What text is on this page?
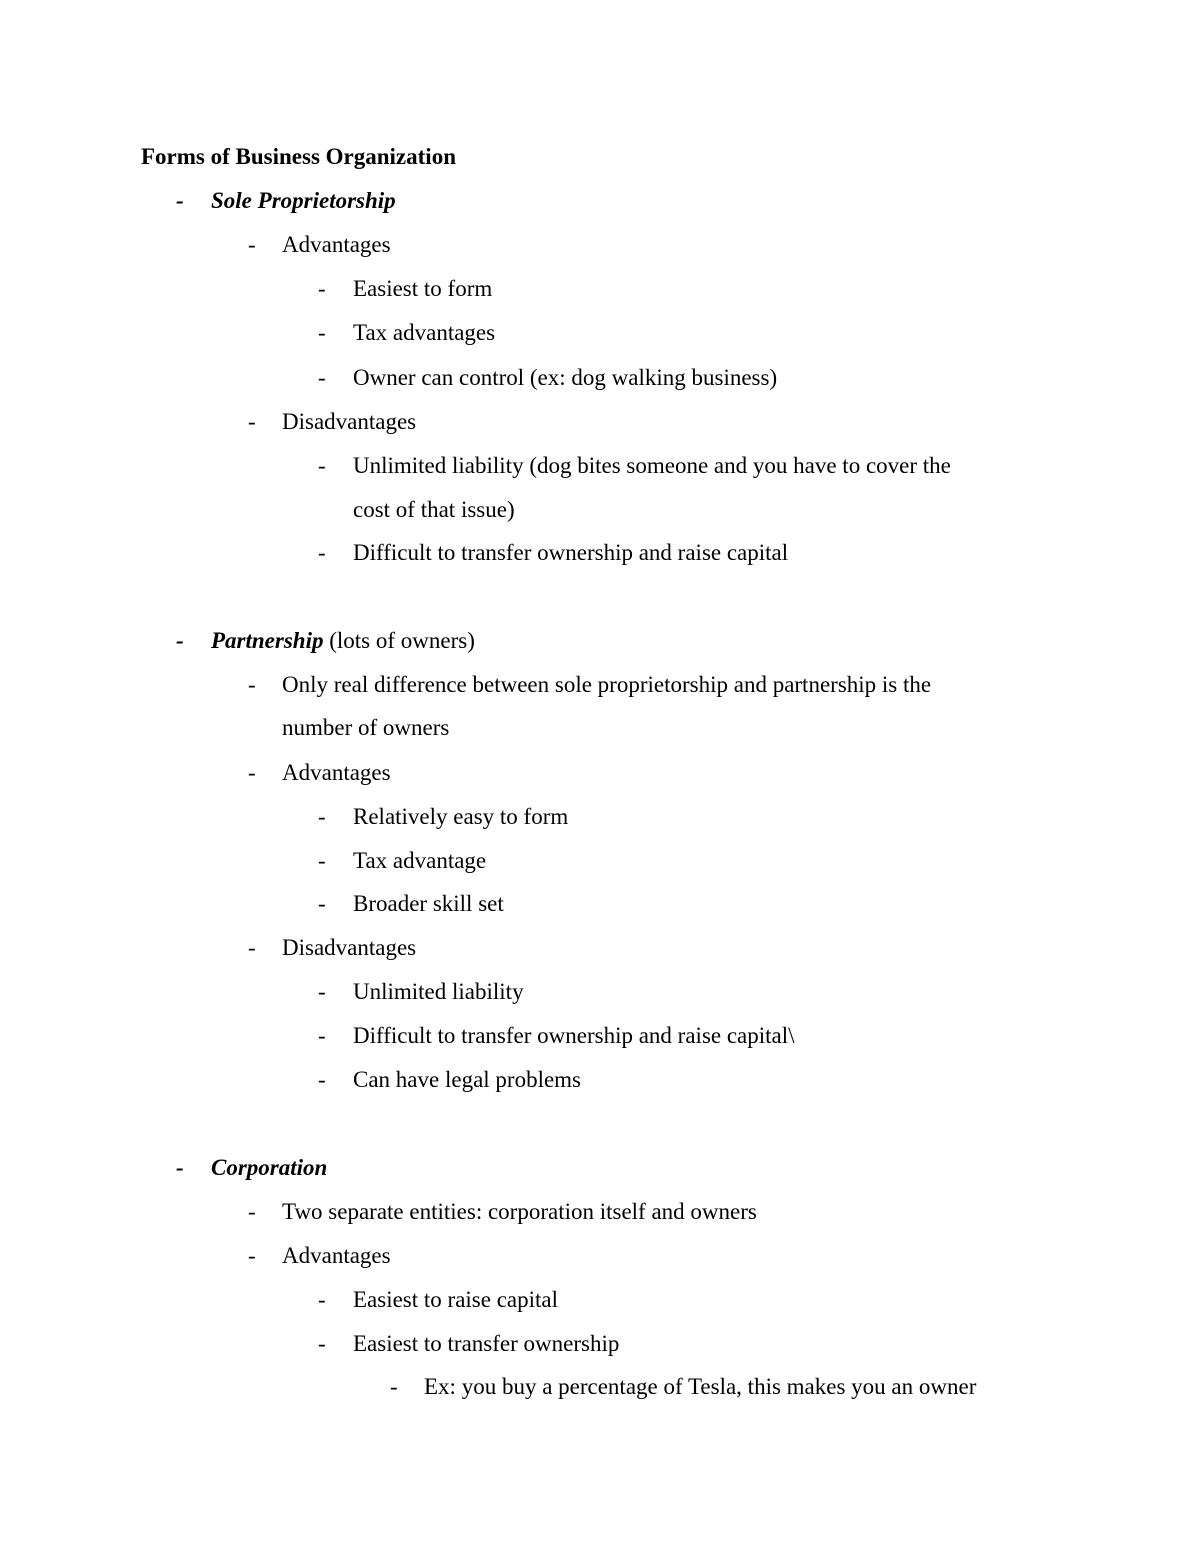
Forms of Business Organization
- Sole Proprietorship
- Advantages
- Easiest to form
- Tax advantages
- Owner can control (ex: dog walking business)
- Disadvantages
- Unlimited liability (dog bites someone and you have to cover the
cost of that issue)
- Difficult to transfer ownership and raise capital
- Partnership (lots of owners)
- Only real difference between sole proprietorship and partnership is the
number of owners
- Advantages
- Relatively easy to form
- Tax advantage
- Broader skill set
- Disadvantages
- Unlimited liability
- Difficult to transfer ownership and raise capital\
- Can have legal problems
- Corporation
- Two separate entities: corporation itself and owners
- Advantages
- Easiest to raise capital
- Easiest to transfer ownership
- Ex: you buy a percentage of Tesla, this makes you an owner
